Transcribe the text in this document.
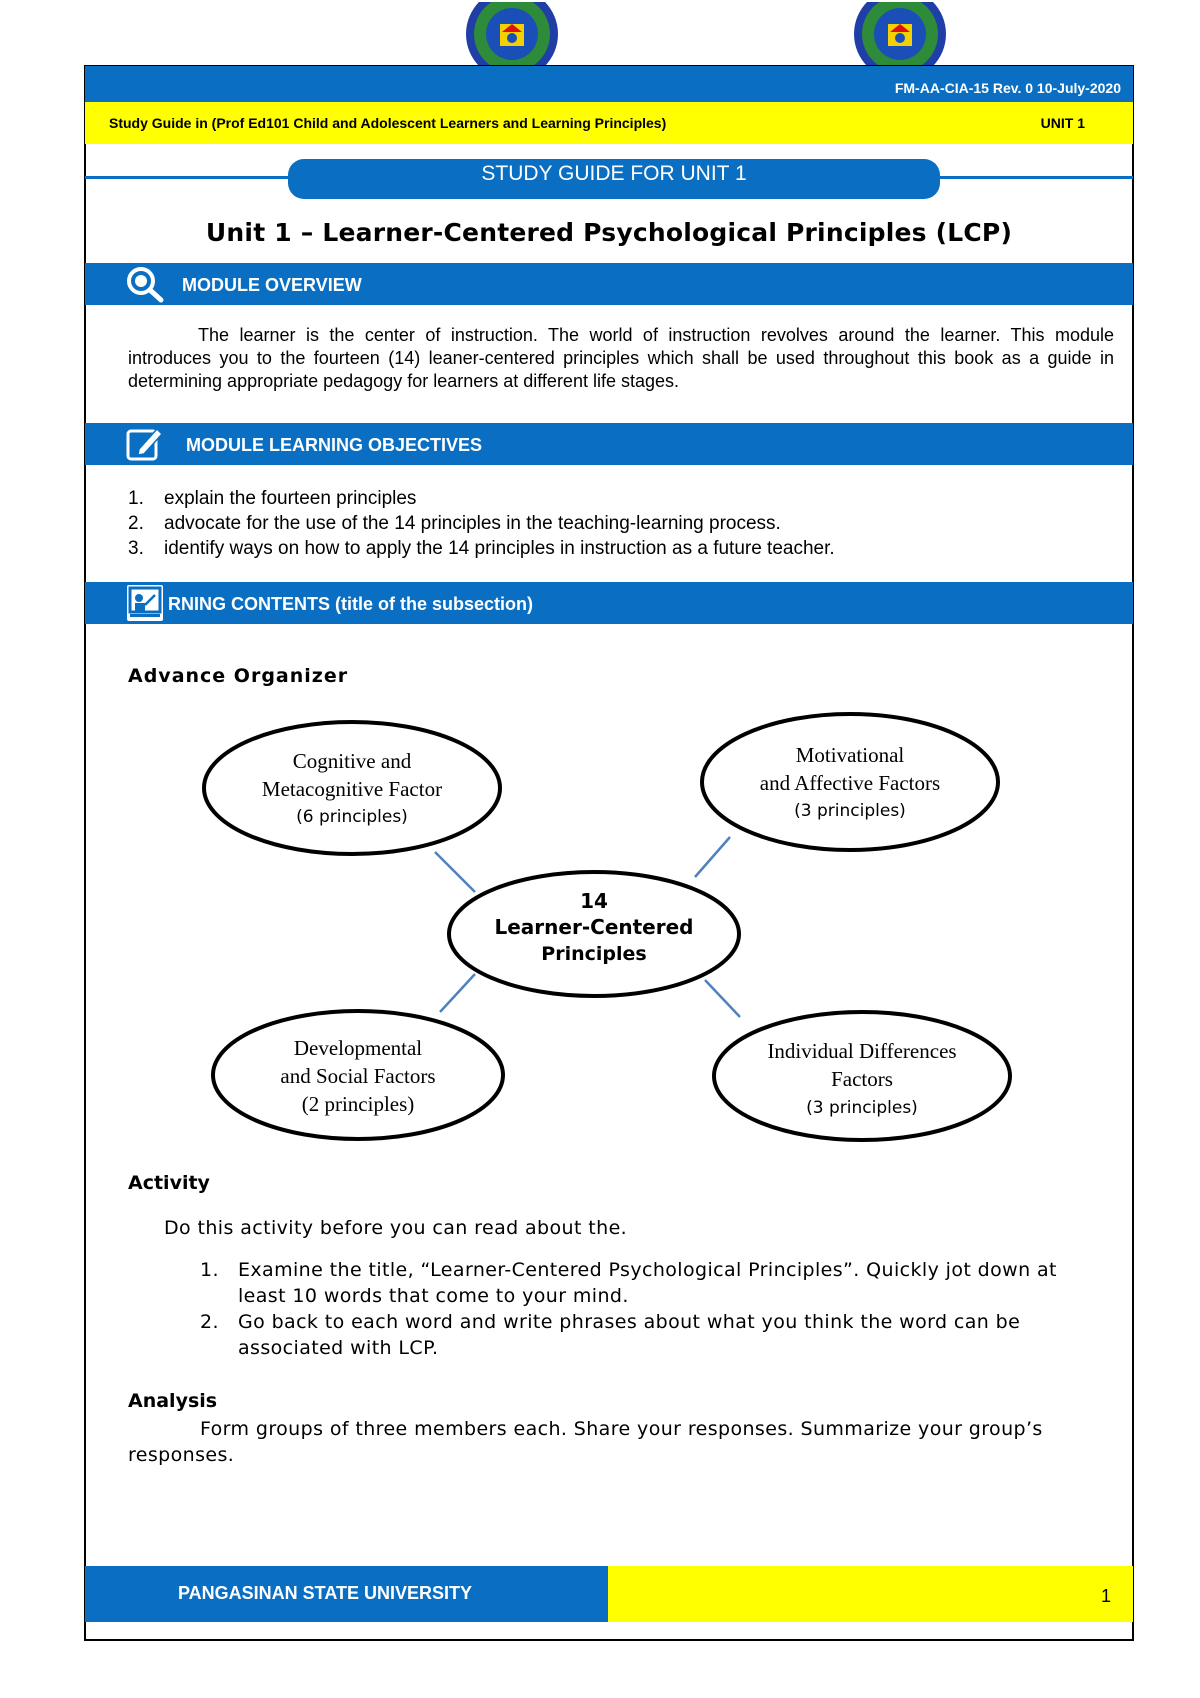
FM-AA-CIA-15 Rev. 0 10-July-2020
Study Guide in (Prof Ed101 Child and Adolescent Learners and Learning Principles)	UNIT 1
STUDY GUIDE FOR UNIT 1
Unit 1 – Learner-Centered Psychological Principles (LCP)
MODULE OVERVIEW

The learner is the center of instruction. The world of instruction revolves around the learner. This module introduces you to the fourteen (14) leaner-centered principles which shall be used throughout this book as a guide in determining appropriate pedagogy for learners at different life stages.

MODULE LEARNING OBJECTIVES
1. explain the fourteen principles
2. advocate for the use of the 14 principles in the teaching-learning process.
3. identify ways on how to apply the 14 principles in instruction as a future teacher.
RNING CONTENTS (title of the subsection)
Advance Organizer
Cognitive and
Metacognitive Factor
(6 principles)
Motivational
and Affective Factors
(3 principles)
14
Learner-Centered
Principles
Developmental
and Social Factors
(2 principles)
Individual Differences
Factors
(3 principles)
Activity
Do this activity before you can read about the.
1. Examine the title, “Learner-Centered Psychological Principles”. Quickly jot down at least 10 words that come to your mind.
2. Go back to each word and write phrases about what you think the word can be associated with LCP.
Analysis

Form groups of three members each. Share your responses. Summarize your group’s responses.

PANGASINAN STATE UNIVERSITY	1
